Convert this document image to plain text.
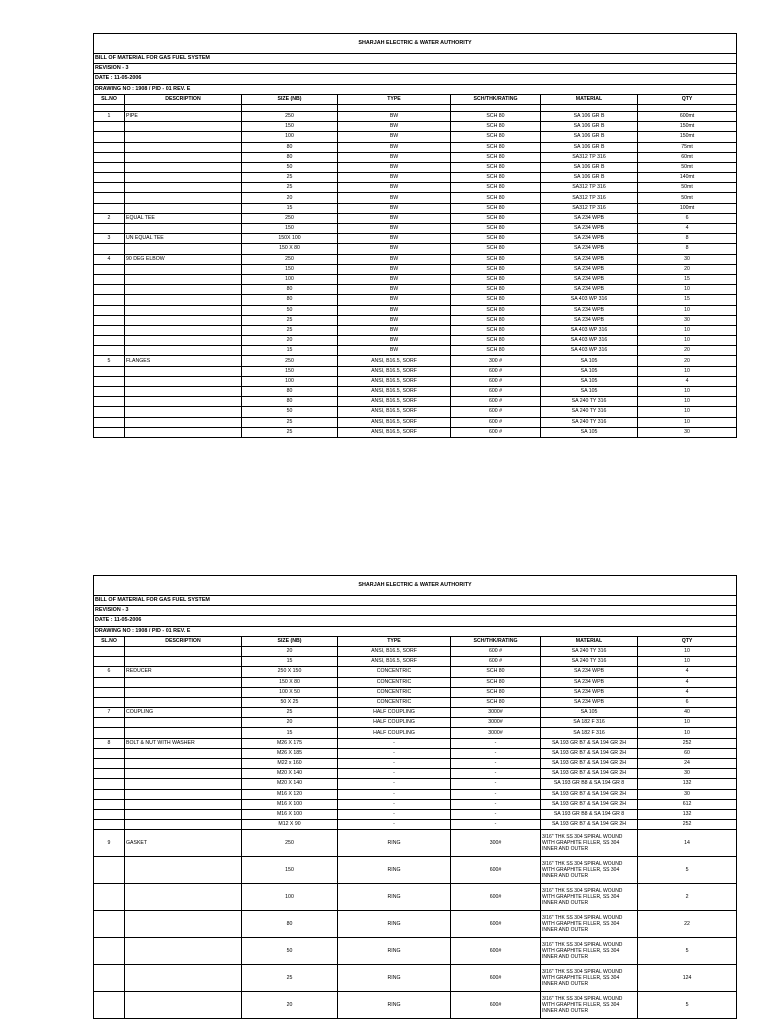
SHARJAH ELECTRIC & WATER AUTHORITY						
BILL OF MATERIAL FOR GAS FUEL SYSTEM						
REVISION - 3						
DATE : 11-05-2006						
DRAWING NO : 1908 / PID - 01 REV. E						
SL.NO	DESCRIPTION	SIZE (NB)	TYPE	SCH/THK/RATING	MATERIAL	QTY

1	PIPE	250	BW	SCH 80	SA 106 GR B	600mt
		150	BW	SCH 80	SA 106 GR B	150mt
		100	BW	SCH 80	SA 106 GR B	150mt
		80	BW	SCH 80	SA 106 GR B	75mt
		80	BW	SCH 80	SA312 TP 316	60mt
		50	BW	SCH 80	SA 106 GR B	50mt
		25	BW	SCH 80	SA 106 GR B	140mt
		25	BW	SCH 80	SA312 TP 316	50mt
		20	BW	SCH 80	SA312 TP 316	50mt
		15	BW	SCH 80	SA312 TP 316	100mt
2	EQUAL TEE	250	BW	SCH 80	SA 234 WPB	6
		150	BW	SCH 80	SA 234 WPB	4
3	UN EQUAL TEE	150X 100	BW	SCH 80	SA 234 WPB	8
		150 X 80	BW	SCH 80	SA 234 WPB	8
4	90 DEG ELBOW	250	BW	SCH 80	SA 234 WPB	30
		150	BW	SCH 80	SA 234 WPB	20
		100	BW	SCH 80	SA 234 WPB	15
		80	BW	SCH 80	SA 234 WPB	10
		80	BW	SCH 80	SA 403 WP 316	15
		50	BW	SCH 80	SA 234 WPB	10
		25	BW	SCH 80	SA 234 WPB	30
		25	BW	SCH 80	SA 403 WP 316	10
		20	BW	SCH 80	SA 403 WP 316	10
		15	BW	SCH 80	SA 403 WP 316	20
5	FLANGES	250	ANSI, B16.5, SORF	300 #	SA 105	20
		150	ANSI, B16.5, SORF	600 #	SA 105	10
		100	ANSI, B16.5, SORF	600 #	SA 105	4
		80	ANSI, B16.5, SORF	600 #	SA 105	10
		80	ANSI, B16.5, SORF	600 #	SA 240 TY 316	10
		50	ANSI, B16.5, SORF	600 #	SA 240 TY 316	10
		25	ANSI, B16.5, SORF	600 #	SA 240 TY 316	10
		25	ANSI, B16.5, SORF	600 #	SA 105	30
SHARJAH ELECTRIC & WATER AUTHORITY						
BILL OF MATERIAL FOR GAS FUEL SYSTEM						
REVISION - 3						
DATE : 11-05-2006						
DRAWING NO : 1908 / PID - 01 REV. E						
SL.NO	DESCRIPTION	SIZE (NB)	TYPE	SCH/THK/RATING	MATERIAL	QTY
		20	ANSI, B16.5, SORF	600 #	SA 240 TY 316	10
		15	ANSI, B16.5, SORF	600 #	SA 240 TY 316	10
6	REDUCER	250 X 150	CONCENTRIC	SCH 80	SA 234 WPB	4
		150 X 80	CONCENTRIC	SCH 80	SA 234 WPB	4
		100 X 50	CONCENTRIC	SCH 80	SA 234 WPB	4
		50 X 25	CONCENTRIC	SCH 80	SA 234 WPB	6
7	COUPLING	25	HALF COUPLING	3000#	SA 105	40
		20	HALF COUPLING	3000#	SA 182 F 316	10
		15	HALF COUPLING	3000#	SA 182 F 316	10
8	BOLT & NUT WITH WASHER	M26 X 175	-	-	SA 193 GR B7 & SA 194 GR 2H	252
		M26 X 185	-	-	SA 193 GR B7 & SA 194 GR 2H	60
		M22 x 160	-	-	SA 193 GR B7 & SA 194 GR 2H	24
		M20 X 140	-	-	SA 193 GR B7 & SA 194 GR 2H	30
		M20 X 140	-	-	SA 193 GR B8 & SA 194 GR 8	132
		M16 X 120	-	-	SA 193 GR B7 & SA 194 GR 2H	30
		M16 X 100	-	-	SA 193 GR B7 & SA 194 GR 2H	612
		M16 X 100	-	-	SA 193 GR B8 & SA 194 GR 8	132
		M12 X 90	-	-	SA 193 GR B7 & SA 194 GR 2H	252
9	GASKET	250	RING	300#	3/16" THK SS 304 SPIRAL WOUND WITH GRAPHITE FILLER, SS 304 INNER AND OUTER	14
		150	RING	600#	3/16" THK SS 304 SPIRAL WOUND WITH GRAPHITE FILLER, SS 304 INNER AND OUTER	5
		100	RING	600#	3/16" THK SS 304 SPIRAL WOUND WITH GRAPHITE FILLER, SS 304 INNER AND OUTER	2
		80	RING	600#	3/16" THK SS 304 SPIRAL WOUND WITH GRAPHITE FILLER, SS 304 INNER AND OUTER	22
		50	RING	600#	3/16" THK SS 304 SPIRAL WOUND WITH GRAPHITE FILLER, SS 304 INNER AND OUTER	5
		25	RING	600#	3/16" THK SS 304 SPIRAL WOUND WITH GRAPHITE FILLER, SS 304 INNER AND OUTER	124
		20	RING	600#	3/16" THK SS 304 SPIRAL WOUND WITH GRAPHITE FILLER, SS 304 INNER AND OUTER	5
